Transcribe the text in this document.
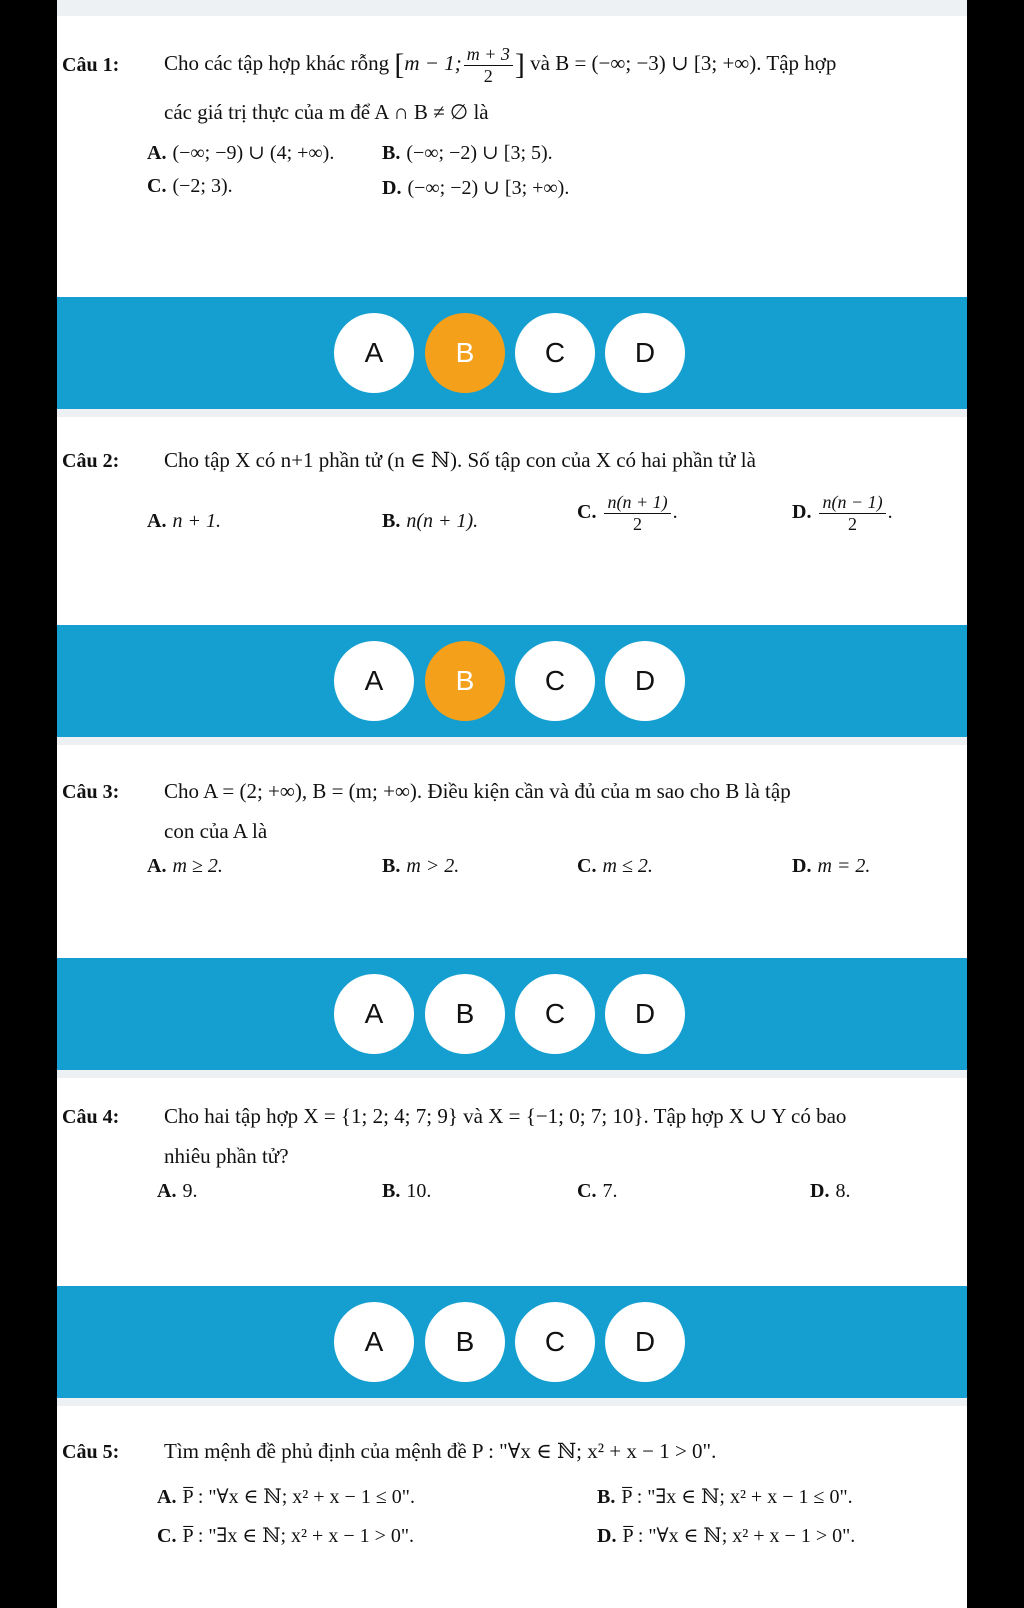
Câu 1: Cho các tập hợp khác rỗng [m − 1; $\frac{m + 3}{2}$ ] và B = (−∞; −3) ∪ [3; +∞). Tập hợp
các giá trị thực của m để A ∩ B ≠ ∅ là
A. (−∞; −9) ∪ (4; +∞). B. (−∞; −2) ∪ [3; 5).
C. (−2; 3).	D. (−∞; −2) ∪ [3; +∞).
A	B	C	D
Câu 2: Cho tập X có n+1 phần tử (n ∈ ℕ). Số tập con của X có hai phần tử là
A. n + 1.	B. n(n + 1).	C. $\frac{n(n + 1)}{2}$ .	D. $\frac{n(n - 1)}{2}$ .
A	B	C	D
Câu 3: Cho A = (2; +∞), B = (m; +∞). Điều kiện cần và đủ của m sao cho B là tập
con của A là
A. m ≥ 2.	B. m > 2.	C. m ≤ 2.	D. m = 2.
A	B	C	D
Câu 4: Cho hai tập hợp X = {1; 2; 4; 7; 9} và X = {−1; 0; 7; 10}. Tập hợp X ∪ Y có bao
nhiêu phần tử?
A. 9.	B. 10.	C. 7.	D. 8.
A	B	C	D
Câu 5: Tìm mệnh đề phủ định của mệnh đề P : "∀x ∈ ℕ; x² + x − 1 > 0".
A. P̅ : "∀x ∈ ℕ; x² + x − 1 ≤ 0".	B. P̅ : "∃x ∈ ℕ; x² + x − 1 ≤ 0".
C. P̅ : "∃x ∈ ℕ; x² + x − 1 > 0".	D. P̅ : "∀x ∈ ℕ; x² + x − 1 > 0".
